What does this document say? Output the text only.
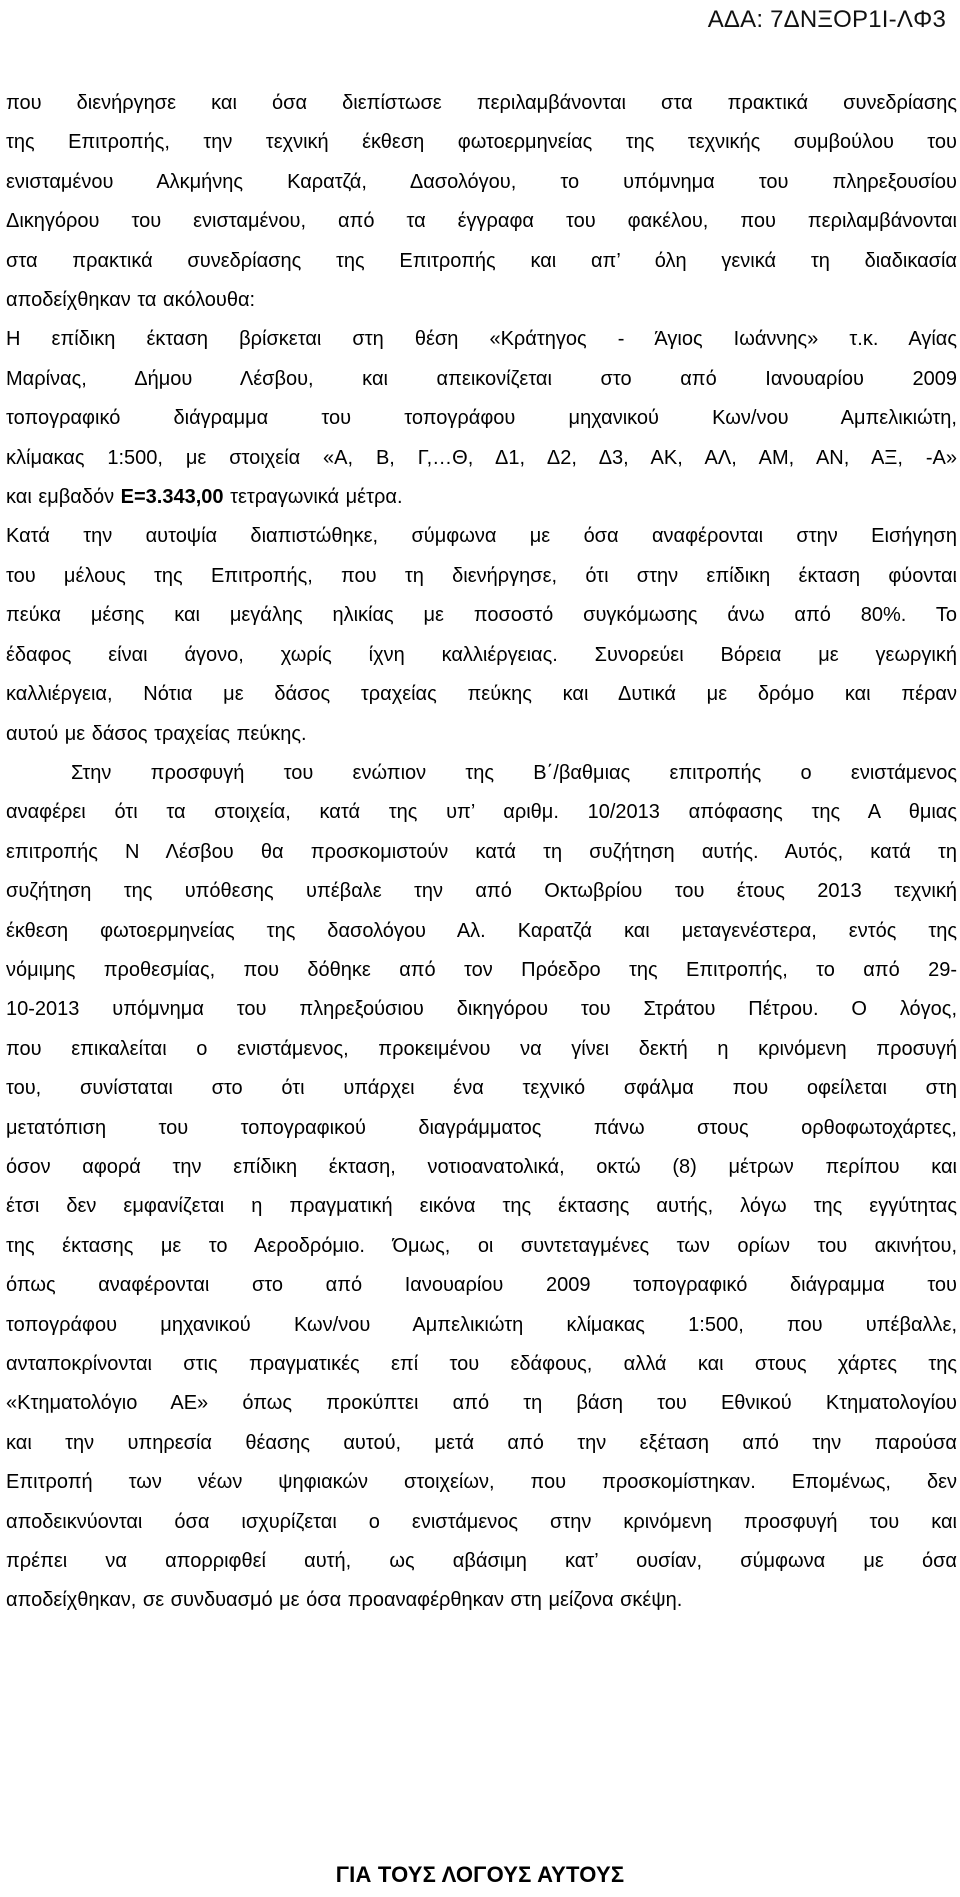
ΑΔΑ: 7ΔΝΞΟΡ1Ι-ΛΦ3

που διενήργησε και όσα διεπίστωσε περιλαμβάνονται στα πρακτικά συνεδρίασης
της Επιτροπής, την τεχνική έκθεση φωτοερμηνείας της τεχνικής συμβούλου του
ενισταμένου Αλκμήνης Καρατζά, Δασολόγου, το υπόμνημα του πληρεξουσίου
Δικηγόρου του ενισταμένου, από τα έγγραφα του φακέλου, που περιλαμβάνονται
στα πρακτικά συνεδρίασης της Επιτροπής και απ’ όλη γενικά τη διαδικασία
αποδείχθηκαν τα ακόλουθα:

Η επίδικη έκταση βρίσκεται στη θέση «Κράτηγος - Άγιος Ιωάννης» τ.κ. Αγίας
Μαρίνας, Δήμου Λέσβου, και απεικονίζεται στο από Ιανουαρίου 2009
τοπογραφικό διάγραμμα του τοπογράφου μηχανικού Κων/νου Αμπελικιώτη,
κλίμακας 1:500, με στοιχεία «Α, Β, Γ,…Θ, Δ1, Δ2, Δ3, ΑΚ, ΑΛ, ΑΜ, ΑΝ, ΑΞ, -Α»
και εμβαδόν Ε=3.343,00 τετραγωνικά μέτρα.

Κατά την αυτοψία διαπιστώθηκε, σύμφωνα με όσα αναφέρονται στην Εισήγηση
του μέλους της Επιτροπής, που τη διενήργησε, ότι στην επίδικη έκταση φύονται
πεύκα μέσης και μεγάλης ηλικίας με ποσοστό συγκόμωσης άνω από 80%. Το
έδαφος είναι άγονο, χωρίς ίχνη καλλιέργειας. Συνορεύει Βόρεια με γεωργική
καλλιέργεια, Νότια με δάσος τραχείας πεύκης και Δυτικά με δρόμο και πέραν
αυτού με δάσος τραχείας πεύκης.

Στην προσφυγή του ενώπιον της Β΄/βαθμιας επιτροπής ο ενιστάμενος
αναφέρει ότι τα στοιχεία, κατά της υπ’ αριθμ. 10/2013 απόφασης της Α θμιας
επιτροπής Ν Λέσβου θα προσκομιστούν κατά τη συζήτηση αυτής. Αυτός, κατά τη
συζήτηση της υπόθεσης υπέβαλε την από Οκτωβρίου του έτους 2013 τεχνική
έκθεση φωτοερμηνείας της δασολόγου Αλ. Καρατζά και μεταγενέστερα, εντός της
νόμιμης προθεσμίας, που δόθηκε από τον Πρόεδρο της Επιτροπής, το από 29-
10-2013 υπόμνημα του πληρεξούσιου δικηγόρου του Στράτου Πέτρου. Ο λόγος,
που επικαλείται ο ενιστάμενος, προκειμένου να γίνει δεκτή η κρινόμενη προσυγή
του, συνίσταται στο ότι υπάρχει ένα τεχνικό σφάλμα που οφείλεται στη
μετατόπιση του τοπογραφικού διαγράμματος πάνω στους ορθοφωτοχάρτες,
όσον αφορά την επίδικη έκταση, νοτιοανατολικά, οκτώ (8) μέτρων περίπου και
έτσι δεν εμφανίζεται η πραγματική εικόνα της έκτασης αυτής, λόγω της εγγύτητας
της έκτασης με το Αεροδρόμιο. Όμως, οι συντεταγμένες των ορίων του ακινήτου,
όπως αναφέρονται στο από Ιανουαρίου 2009 τοπογραφικό διάγραμμα του
τοπογράφου μηχανικού Κων/νου Αμπελικιώτη κλίμακας 1:500, που υπέβαλλε,
ανταποκρίνονται στις πραγματικές επί του εδάφους, αλλά και στους χάρτες της
«Κτηματολόγιο ΑΕ» όπως προκύπτει από τη βάση του Εθνικού Κτηματολογίου
και την υπηρεσία θέασης αυτού, μετά από την εξέταση από την παρούσα
Επιτροπή των νέων ψηφιακών στοιχείων, που προσκομίστηκαν. Επομένως, δεν
αποδεικνύονται όσα ισχυρίζεται ο ενιστάμενος στην κρινόμενη προσφυγή του και
πρέπει να απορριφθεί αυτή, ως αβάσιμη κατ’ ουσίαν, σύμφωνα με όσα
αποδείχθηκαν, σε συνδυασμό με όσα προαναφέρθηκαν στη μείζονα σκέψη.

ΓΙΑ ΤΟΥΣ ΛΟΓΟΥΣ ΑΥΤΟΥΣ
